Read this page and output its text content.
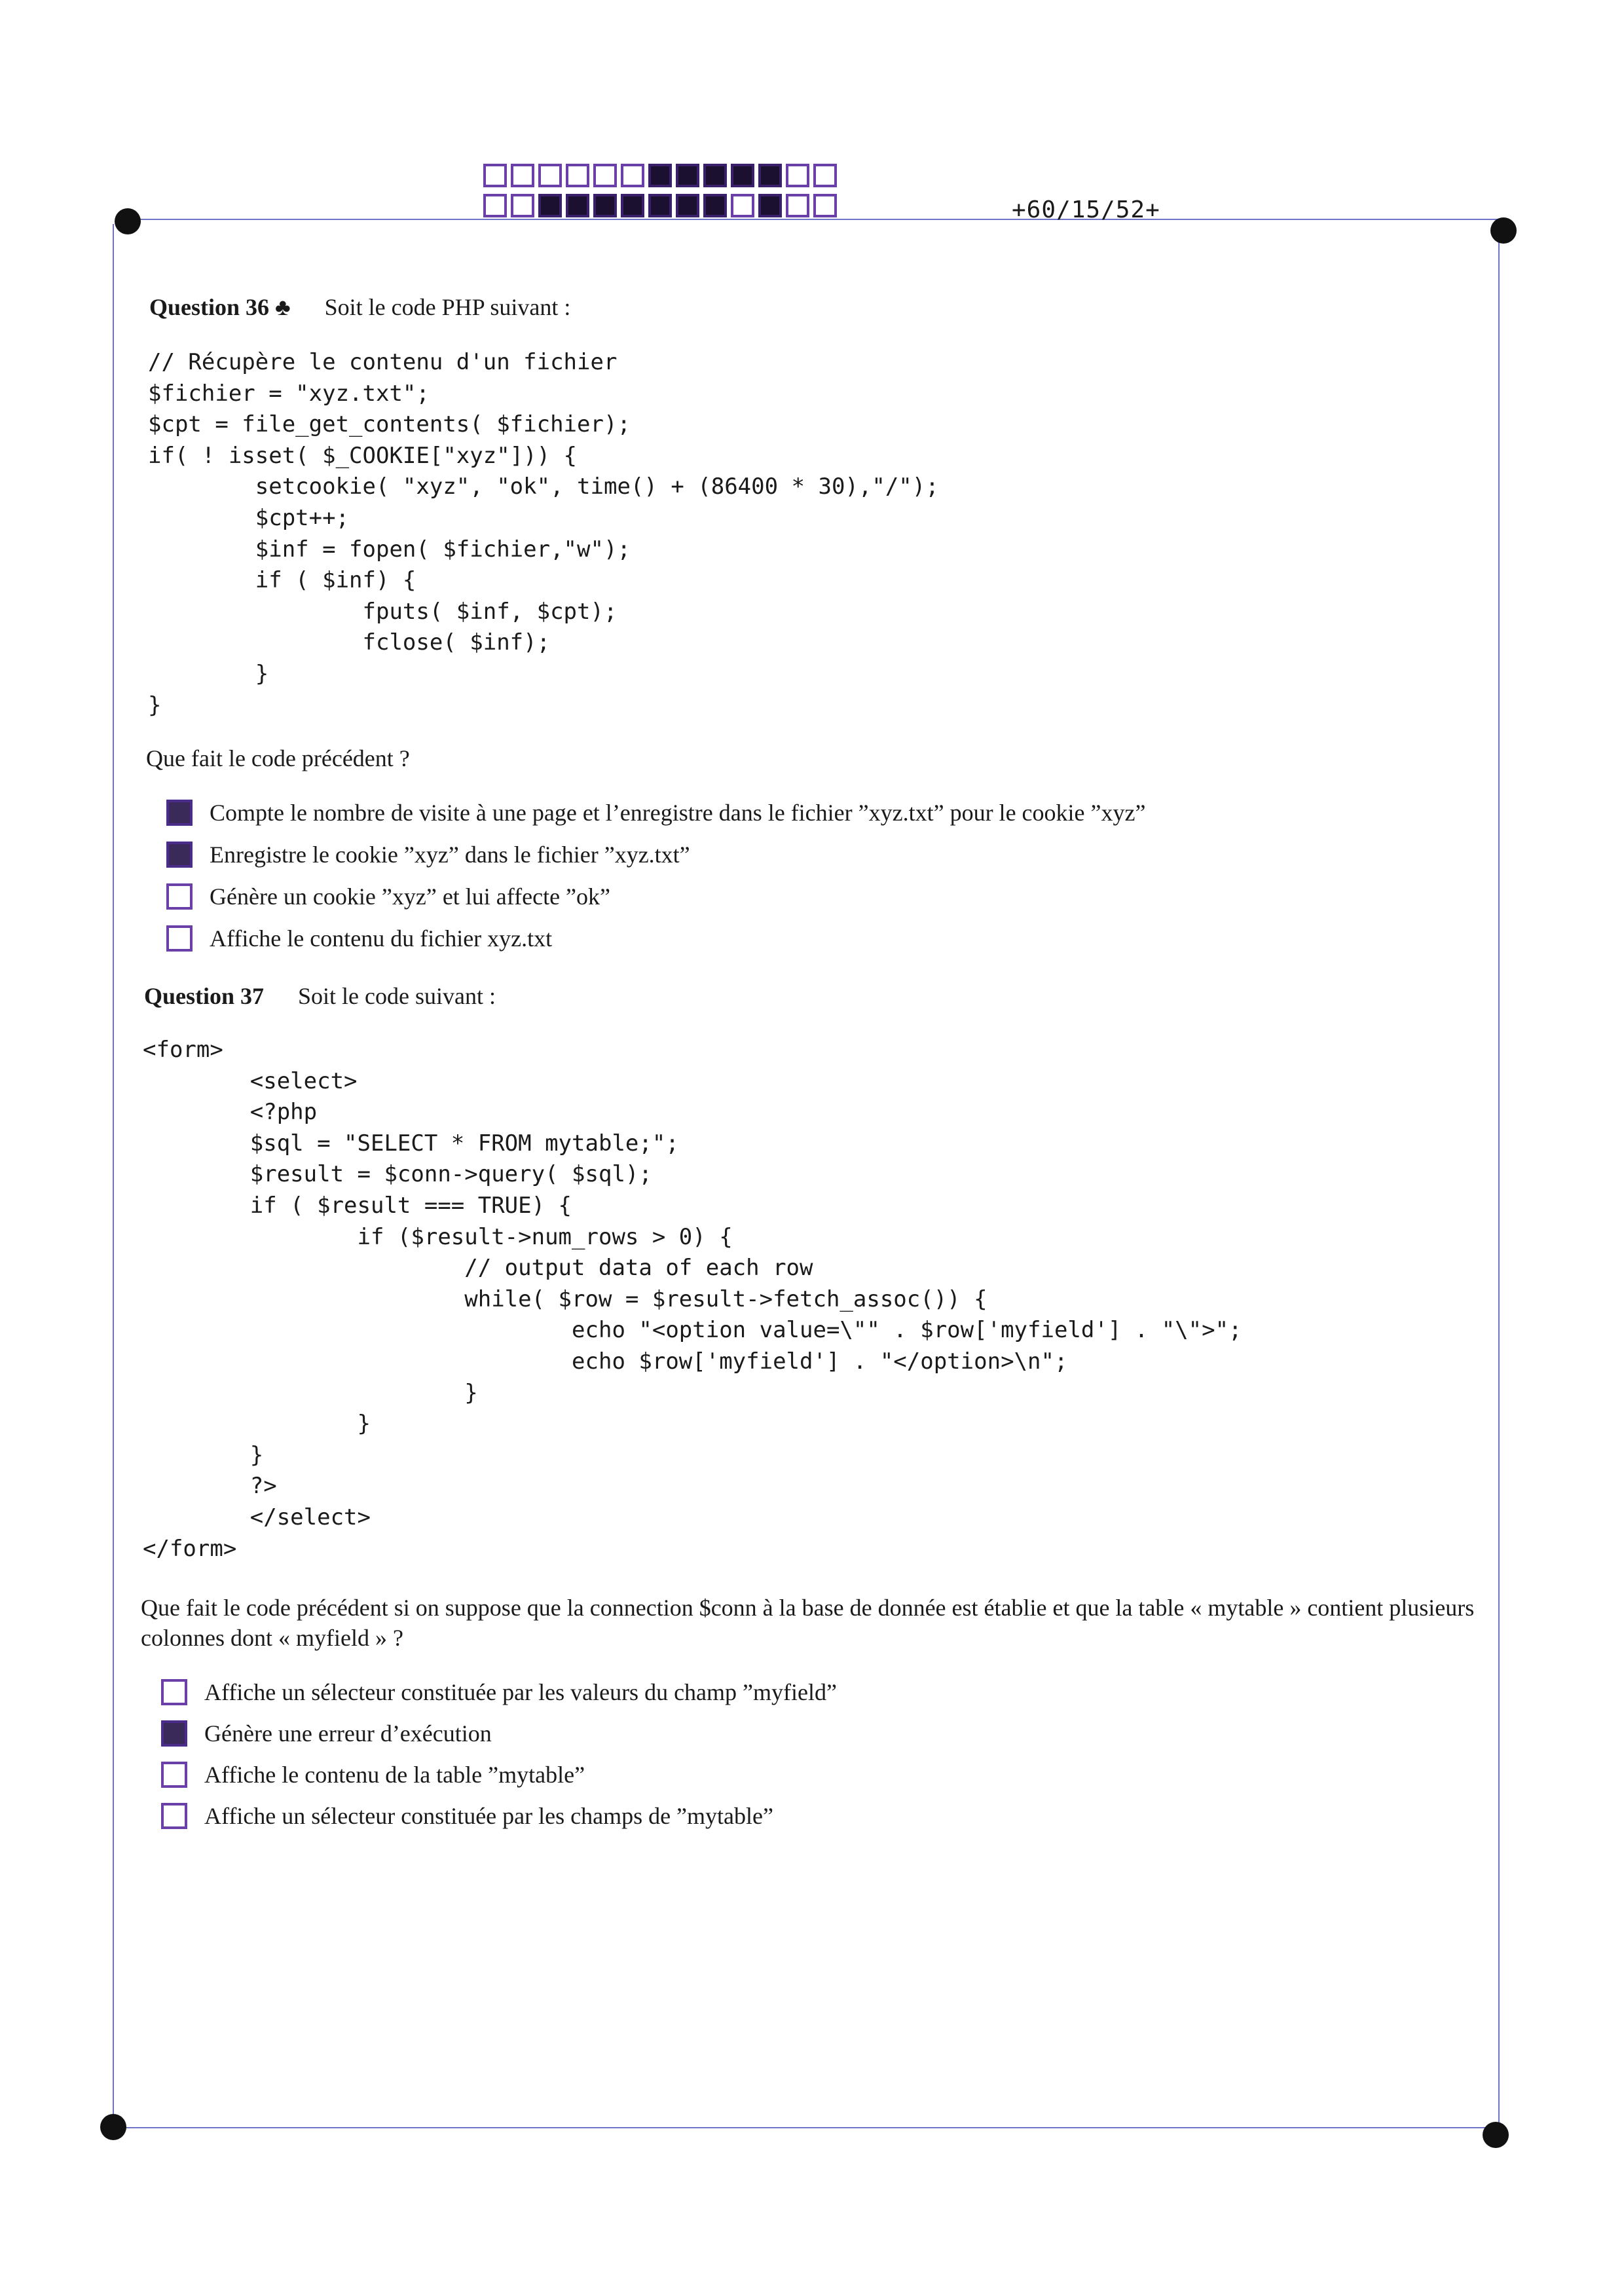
+60/15/52+
Question 36 ♣ Soit le code PHP suivant :
// Récupère le contenu d'un fichier
$fichier = "xyz.txt";
$cpt = file_get_contents( $fichier);
if( ! isset( $_COOKIE["xyz"])) {
setcookie( "xyz", "ok", time() + (86400 * 30),"/");
$cpt++;
$inf = fopen( $fichier,"w");
if ( $inf) {
fputs( $inf, $cpt);
fclose( $inf);
}
}
Que fait le code précédent ?
Compte le nombre de visite à une page et l’enregistre dans le fichier ”xyz.txt” pour le cookie ”xyz”
Enregistre le cookie ”xyz” dans le fichier ”xyz.txt”
Génère un cookie ”xyz” et lui affecte ”ok”
Affiche le contenu du fichier xyz.txt
Question 37 Soit le code suivant :
<form>
<select>
<?php
$sql = "SELECT * FROM mytable;";
$result = $conn->query( $sql);
if ( $result === TRUE) {
if ($result->num_rows > 0) {
// output data of each row
while( $row = $result->fetch_assoc()) {
echo "<option value=\"" . $row['myfield'] . "\">";
echo $row['myfield'] . "</option>\n";
}
}
}
?>
</select>
</form>
Que fait le code précédent si on suppose que la connection $conn à la base de donnée est établie et que la table « mytable » contient plusieurs colonnes dont « myfield » ?
Affiche un sélecteur constituée par les valeurs du champ ”myfield”
Génère une erreur d’exécution
Affiche le contenu de la table ”mytable”
Affiche un sélecteur constituée par les champs de ”mytable”
